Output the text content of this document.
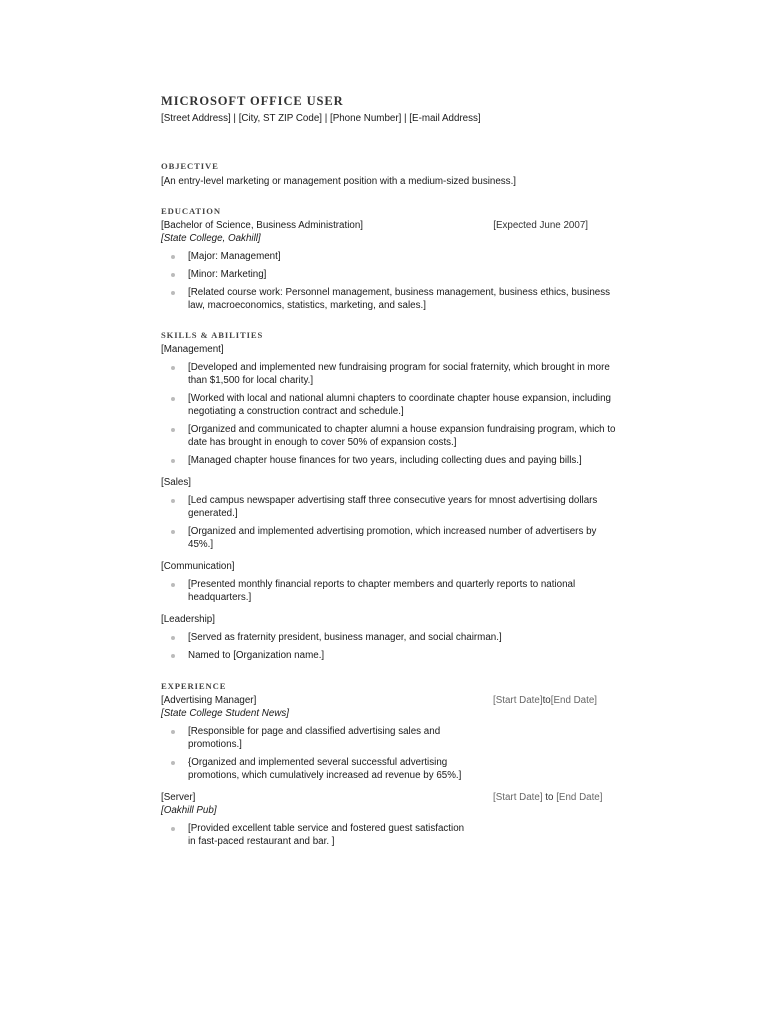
MICROSOFT OFFICE USER
[Street Address] | [City, ST ZIP Code] | [Phone Number] | [E-mail Address]
OBJECTIVE
[An entry-level marketing or management position with a medium-sized business.]
EDUCATION
[Bachelor of Science, Business Administration]	[Expected June 2007]
[State College, Oakhill]
[Major: Management]
[Minor: Marketing]
[Related course work: Personnel management, business management, business ethics, business law, macroeconomics, statistics, marketing, and sales.]
SKILLS & ABILITIES
[Management]
[Developed and implemented new fundraising program for social fraternity, which brought in more than $1,500 for local charity.]
[Worked with local and national alumni chapters to coordinate chapter house expansion, including negotiating a construction contract and schedule.]
[Organized and communicated to chapter alumni a house expansion fundraising program, which to date has brought in enough to cover 50% of expansion costs.]
[Managed chapter house finances for two years, including collecting dues and paying bills.]
[Sales]
[Led campus newspaper advertising staff three consecutive years for mnost advertising dollars generated.]
[Organized and implemented advertising promotion, which increased number of advertisers by 45%.]
[Communication]
[Presented monthly financial reports to chapter members and quarterly reports to national headquarters.]
[Leadership]
[Served as fraternity president, business manager, and social chairman.]
Named to [Organization name.]
EXPERIENCE
[Advertising Manager]	[Start Date]to[End Date]
[State College Student News]
[Responsible for page and classified advertising sales and promotions.]
{Organized and implemented several successful advertising promotions, which cumulatively increased ad revenue by 65%.]
[Server]	[Start Date] to [End Date]
[Oakhill Pub]
[Provided excellent table service and fostered guest satisfaction in fast-paced restaurant and bar. ]
